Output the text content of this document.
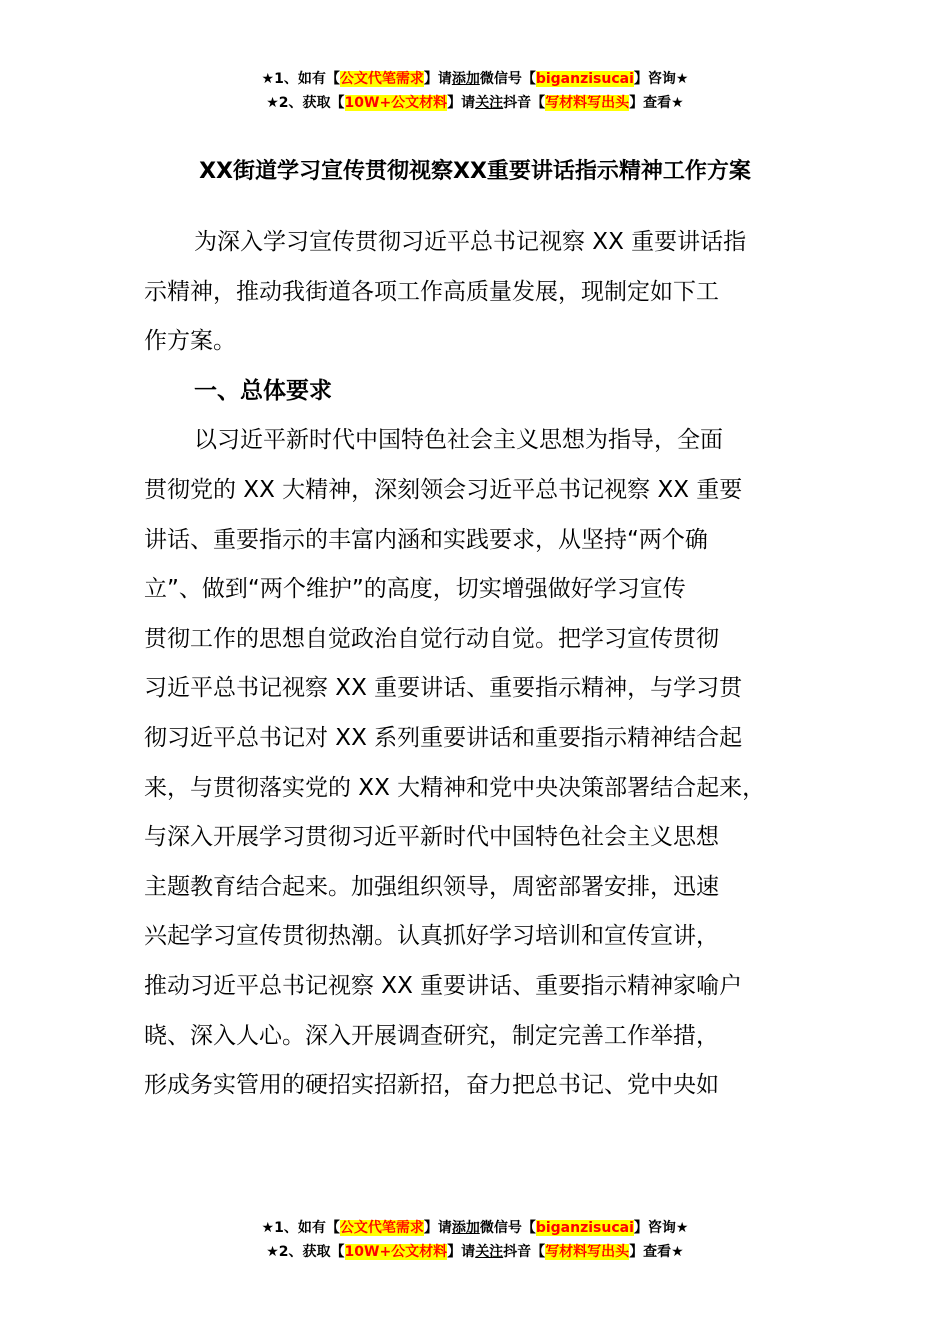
★1、如有【公文代笔需求】请添加微信号【biganzisucai】咨询★
★2、获取【10W+公文材料】请关注抖音【写材料写出头】查看★
XX街道学习宣传贯彻视察XX重要讲话指示精神工作方案
为深入学习宣传贯彻习近平总书记视察 XX 重要讲话指
示精神，推动我街道各项工作高质量发展，现制定如下工
作方案。
一、总体要求
以习近平新时代中国特色社会主义思想为指导，全面
贯彻党的 XX 大精神，深刻领会习近平总书记视察 XX 重要
讲话、重要指示的丰富内涵和实践要求，从坚持“两个确
立”、做到“两个维护”的高度，切实增强做好学习宣传
贯彻工作的思想自觉政治自觉行动自觉。把学习宣传贯彻
习近平总书记视察 XX 重要讲话、重要指示精神，与学习贯
彻习近平总书记对 XX 系列重要讲话和重要指示精神结合起
来，与贯彻落实党的 XX 大精神和党中央决策部署结合起来，
与深入开展学习贯彻习近平新时代中国特色社会主义思想
主题教育结合起来。加强组织领导，周密部署安排，迅速
兴起学习宣传贯彻热潮。认真抓好学习培训和宣传宣讲，
推动习近平总书记视察 XX 重要讲话、重要指示精神家喻户
晓、深入人心。深入开展调查研究，制定完善工作举措，
形成务实管用的硬招实招新招，奋力把总书记、党中央如
★1、如有【公文代笔需求】请添加微信号【biganzisucai】咨询★
★2、获取【10W+公文材料】请关注抖音【写材料写出头】查看★
